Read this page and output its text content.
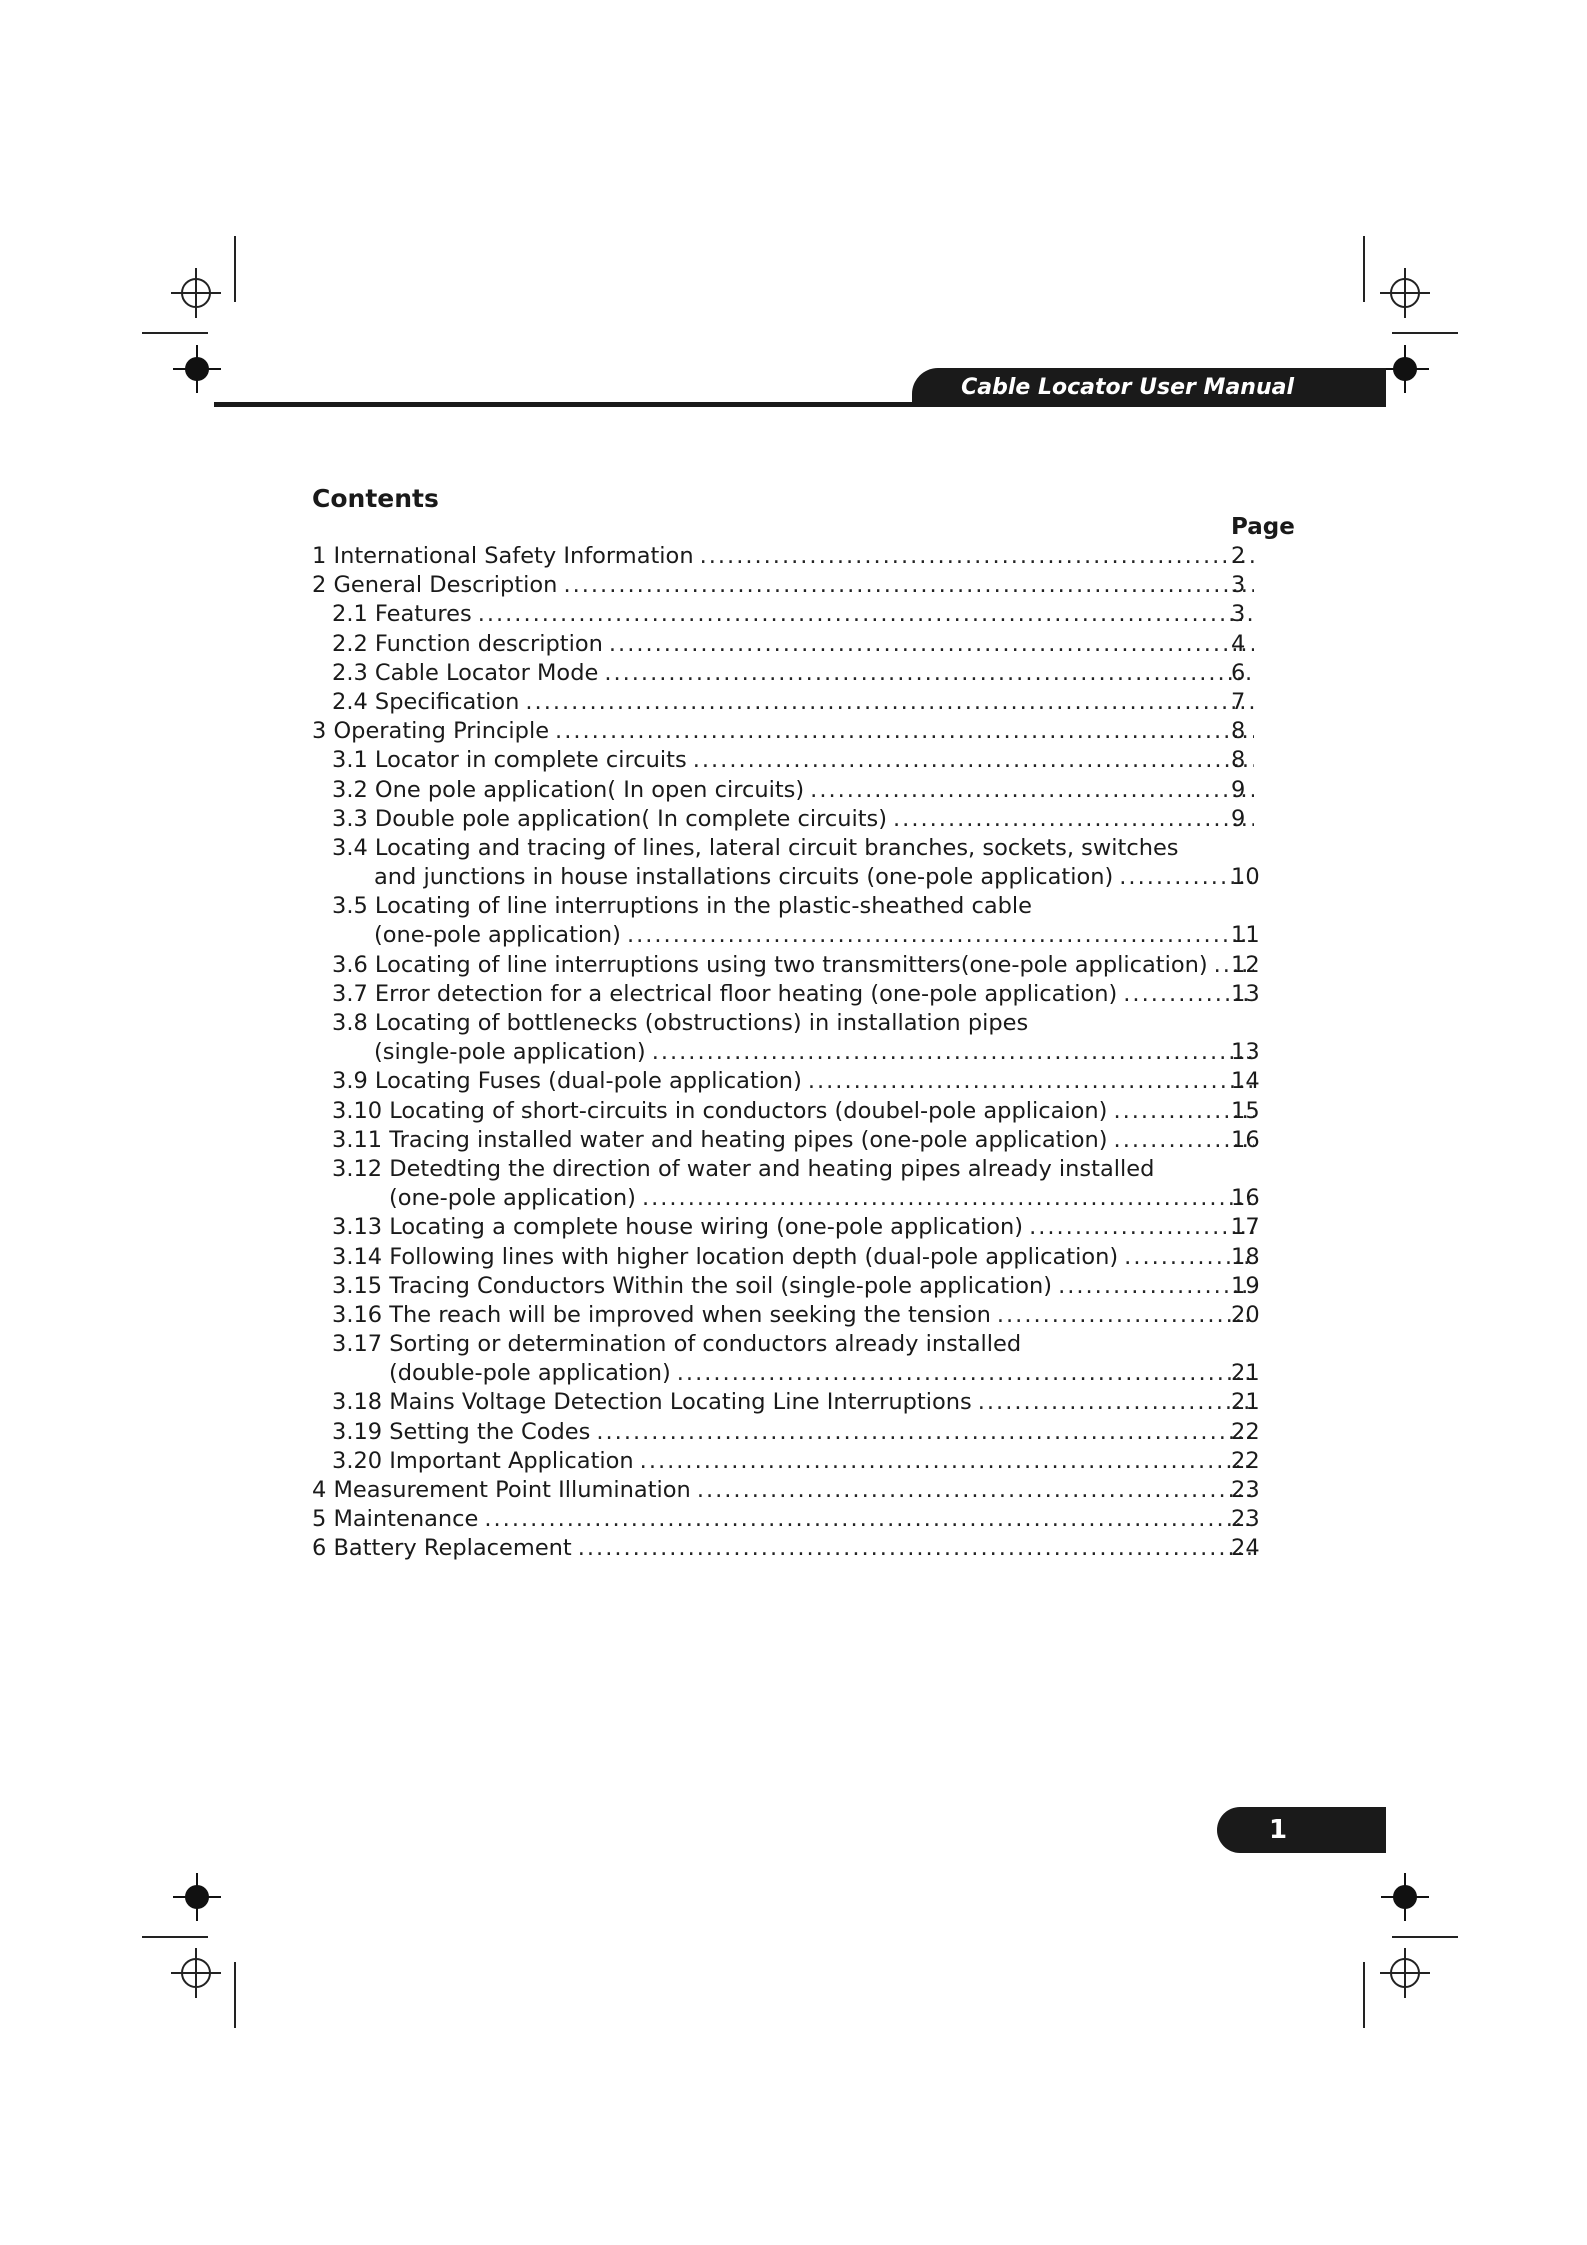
Cable Locator User Manual
Contents
Page
1 International Safety Information .....	2
2 General Description .....	3
2.1 Features .....	3
2.2 Function description .....	4
2.3 Cable Locator Mode .....	6
2.4 Specification .....	7
3 Operating Principle .....	8
3.1 Locator in complete circuits .....	8
3.2 One pole application( In open circuits) .....	9
3.3 Double pole application( In complete circuits) .....	9
3.4 Locating and tracing of lines, lateral circuit branches, sockets, switches
and junctions in house installations circuits (one-pole application) .....	10
3.5 Locating of line interruptions in the plastic-sheathed cable
(one-pole application) .....	11
3.6 Locating of line interruptions using two transmitters(one-pole application) ..... 12
3.7 Error detection for a electrical floor heating (one-pole application) .....	13
3.8 Locating of bottlenecks (obstructions) in installation pipes
(single-pole application) .....	13
3.9 Locating Fuses (dual-pole application) .....	14
3.10 Locating of short-circuits in conductors (doubel-pole applicaion) .....	15
3.11 Tracing installed water and heating pipes (one-pole application) .....	16
3.12 Detedting the direction of water and heating pipes already installed
(one-pole application) .....	16
3.13 Locating a complete house wiring (one-pole application) .....	17
3.14 Following lines with higher location depth (dual-pole application) .....	18
3.15 Tracing Conductors Within the soil (single-pole application) .....	19
3.16 The reach will be improved when seeking the tension .....	20
3.17 Sorting or determination of conductors already installed
(double-pole application) .....	21
3.18 Mains Voltage Detection Locating Line Interruptions .....	21
3.19 Setting the Codes .....	22
3.20 Important Application .....	22
4 Measurement Point Illumination .....	23
5 Maintenance .....	23
6 Battery Replacement .....	24
1
